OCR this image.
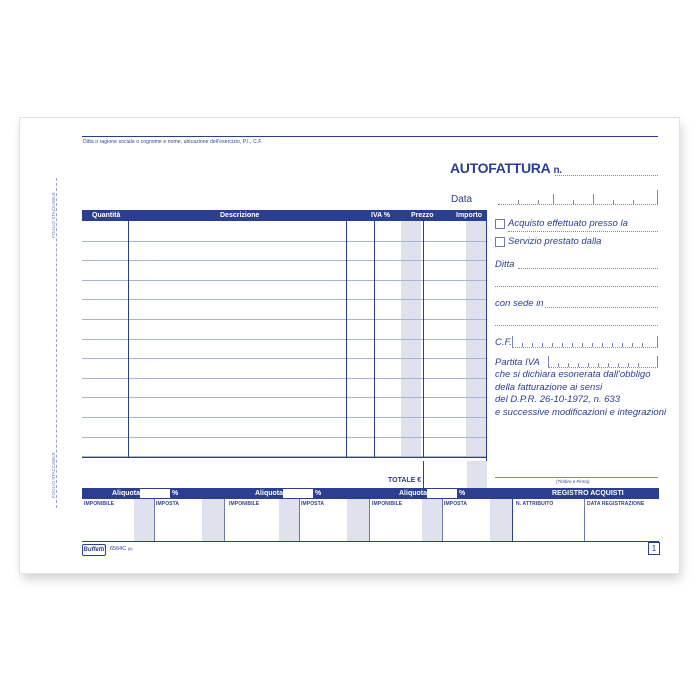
FOGLIO STACCABILE
FOGLIO STACCABILE
Ditta o ragione sociale o cognome e nome, ubicazione dell'esercizio, P.I., C.F.
AUTOFATTURA n.
Data
Quantità	Descrizione	IVA %	Prezzo	Importo
TOTALE €
Acquisto effettuato presso la
Servizio prestato dalla
Ditta
con sede in
C.F.
Partita IVA
che si dichiara esonerata dall'obbligo
della fatturazione ai sensi
del D.P.R. 26-10-1972, n. 633
e successive modificazioni e integrazioni
(Timbro e Firma)
Aliquota	%	Aliquota	%	Aliquota	%	REGISTRO ACQUISTI
IMPONIBILE	IMPOSTA	IMPONIBILE	IMPOSTA	IMPONIBILE	IMPOSTA	N. ATTRIBUITO	DATA REGISTRAZIONE
Buffetti 6564C (b)	1
